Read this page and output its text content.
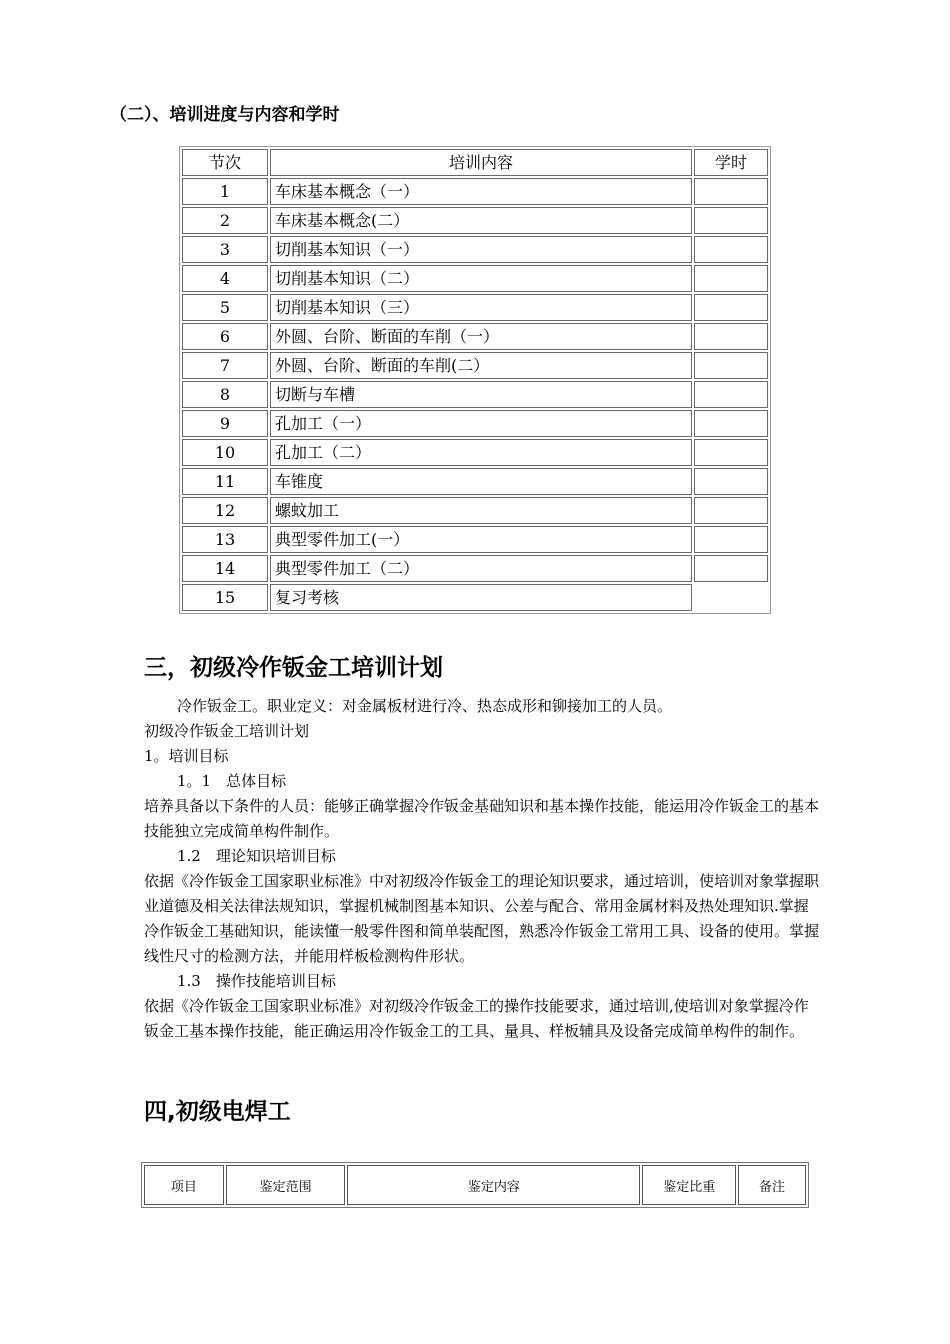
（二）、培训进度与内容和学时
节次	培训内容	学时
1	车床基本概念（一）	
2	车床基本概念(二）	
3	切削基本知识（一）	
4	切削基本知识（二）	
5	切削基本知识（三）	
6	外圆、台阶、断面的车削（一）	
7	外圆、台阶、断面的车削(二）	
8	切断与车槽	
9	孔加工（一）	
10	孔加工（二）	
11	车锥度	
12	螺蚊加工	
13	典型零件加工(一）	
14	典型零件加工（二）	
15	复习考核	
三，初级冷作钣金工培训计划
冷作钣金工。职业定义：对金属板材进行冷、热态成形和铆接加工的人员。
初级冷作钣金工培训计划
1。培训目标
1。1　总体目标
培养具备以下条件的人员：能够正确掌握冷作钣金基础知识和基本操作技能，能运用冷作钣金工的基本技能独立完成简单构件制作。
1.2　理论知识培训目标
依据《冷作钣金工国家职业标准》中对初级冷作钣金工的理论知识要求，通过培训，使培训对象掌握职业道德及相关法律法规知识，掌握机械制图基本知识、公差与配合、常用金属材料及热处理知识.掌握冷作钣金工基础知识，能读懂一般零件图和简单装配图，熟悉冷作钣金工常用工具、设备的使用。掌握线性尺寸的检测方法，并能用样板检测构件形状。
1.3　操作技能培训目标
依据《冷作钣金工国家职业标准》对初级冷作钣金工的操作技能要求，通过培训,使培训对象掌握冷作钣金工基本操作技能，能正确运用冷作钣金工的工具、量具、样板辅具及设备完成简单构件的制作。
四,初级电焊工
项目	鉴定范围	鉴定内容	鉴定比重	备注
